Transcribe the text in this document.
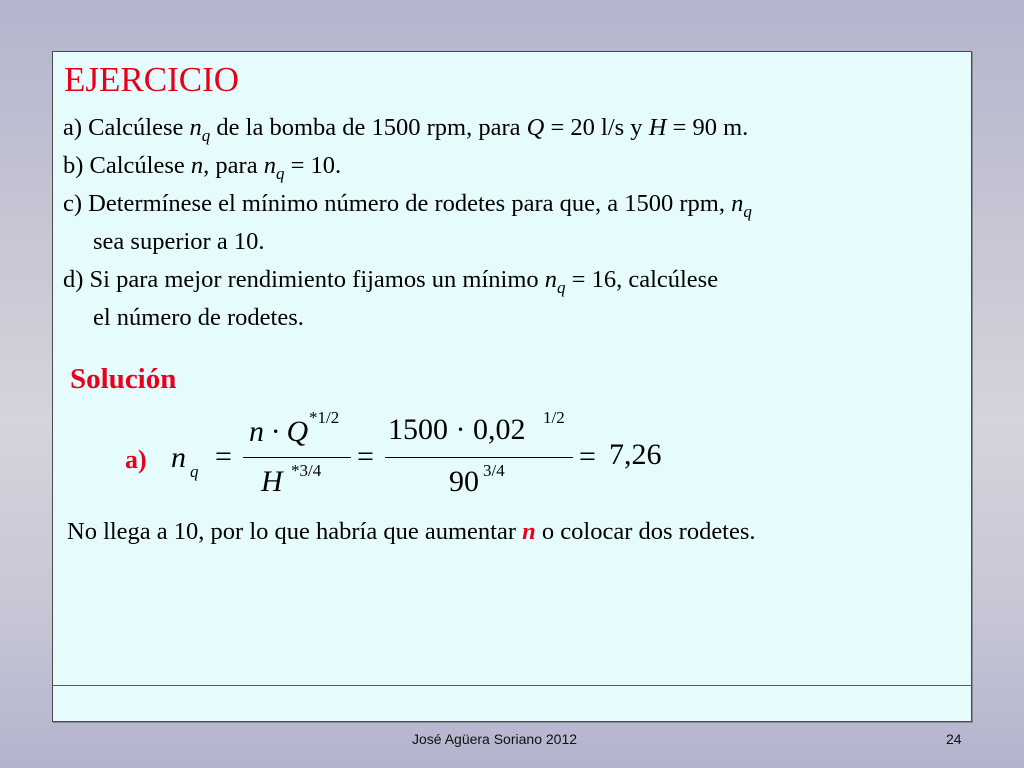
EJERCICIO
a) Calcúlese $n_q$ de la bomba de 1500 rpm, para Q = 20 l/s y H = 90 m.
b) Calcúlese n, para $n_q = 10$.
c) Determínese el mínimo número de rodetes para que, a 1500 rpm, $n_q$
sea superior a 10.
d) Si para mejor rendimiento fijamos un mínimo $n_q = 16$, calcúlese
el número de rodetes.
Solución
a) n q =
n · Q *1/2
H *3/4 =
1500 · 0,02 1/2
90 3/4 = 7,26
No llega a 10, por lo que habría que aumentar n o colocar dos rodetes.
José Agüera Soriano 2012	24
